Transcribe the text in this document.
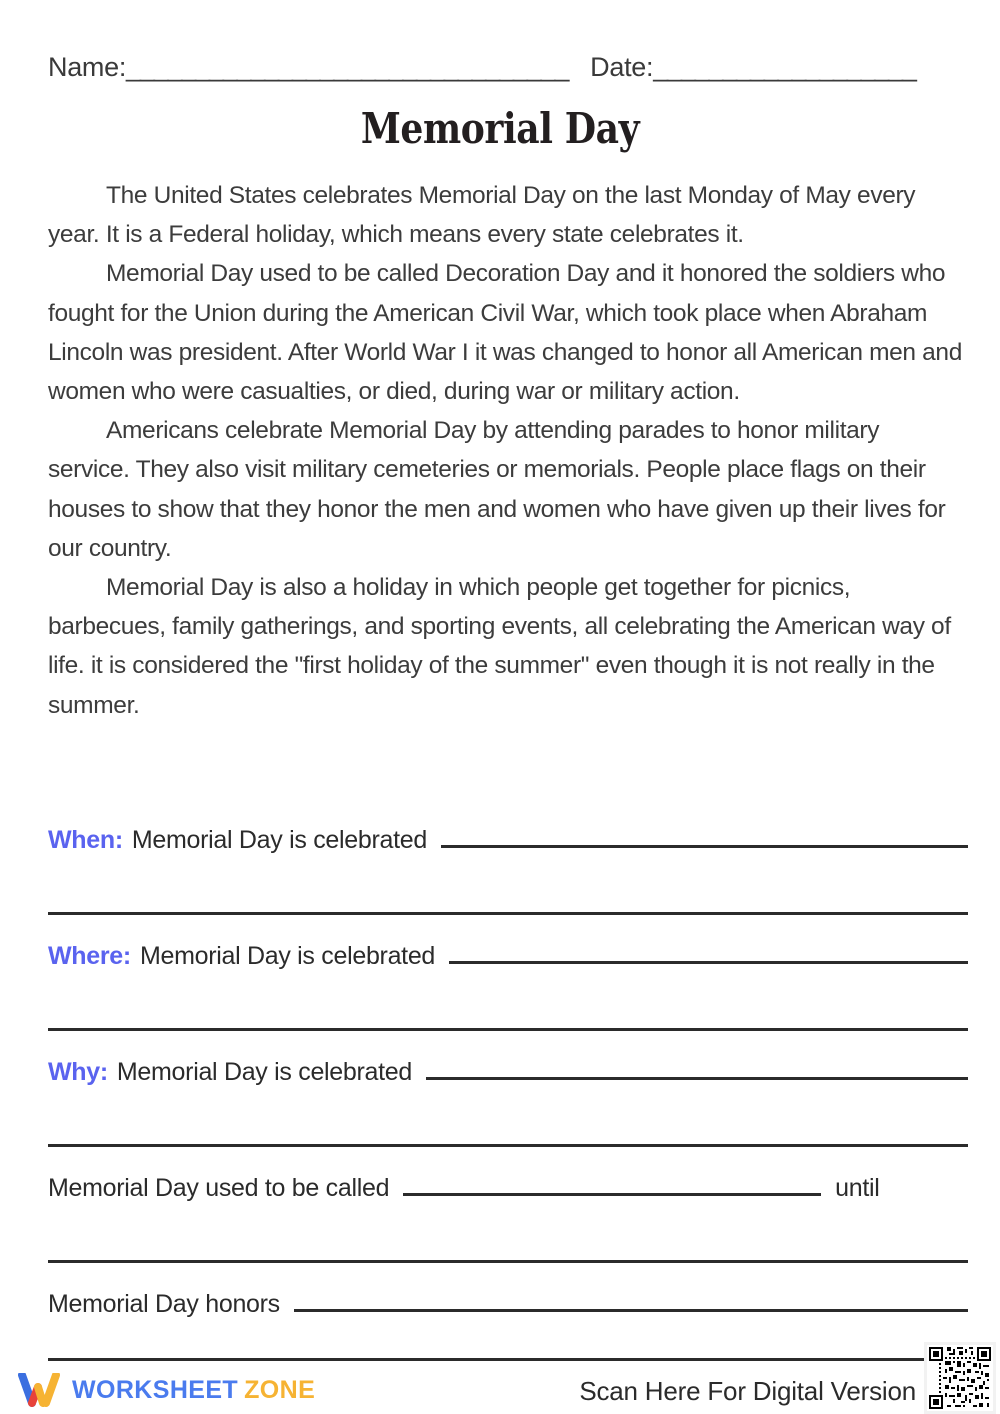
Name: ________________________________ Date: ___________________
Memorial Day

The United States celebrates Memorial Day on the last Monday of May every year. It is a Federal holiday, which means every state celebrates it.

Memorial Day used to be called Decoration Day and it honored the soldiers who fought for the Union during the American Civil War, which took place when Abraham Lincoln was president. After World War I it was changed to honor all American men and women who were casualties, or died, during war or military action.

Americans celebrate Memorial Day by attending parades to honor military service. They also visit military cemeteries or memorials. People place flags on their houses to show that they honor the men and women who have given up their lives for our country.

Memorial Day is also a holiday in which people get together for picnics, barbecues, family gatherings, and sporting events, all celebrating the American way of life. it is considered the "first holiday of the summer" even though it is not really in the summer.

When: Memorial Day is celebrated
Where: Memorial Day is celebrated
Why: Memorial Day is celebrated
Memorial Day used to be called	until
Memorial Day honors
WORKSHEET ZONE	Scan Here For Digital Version
